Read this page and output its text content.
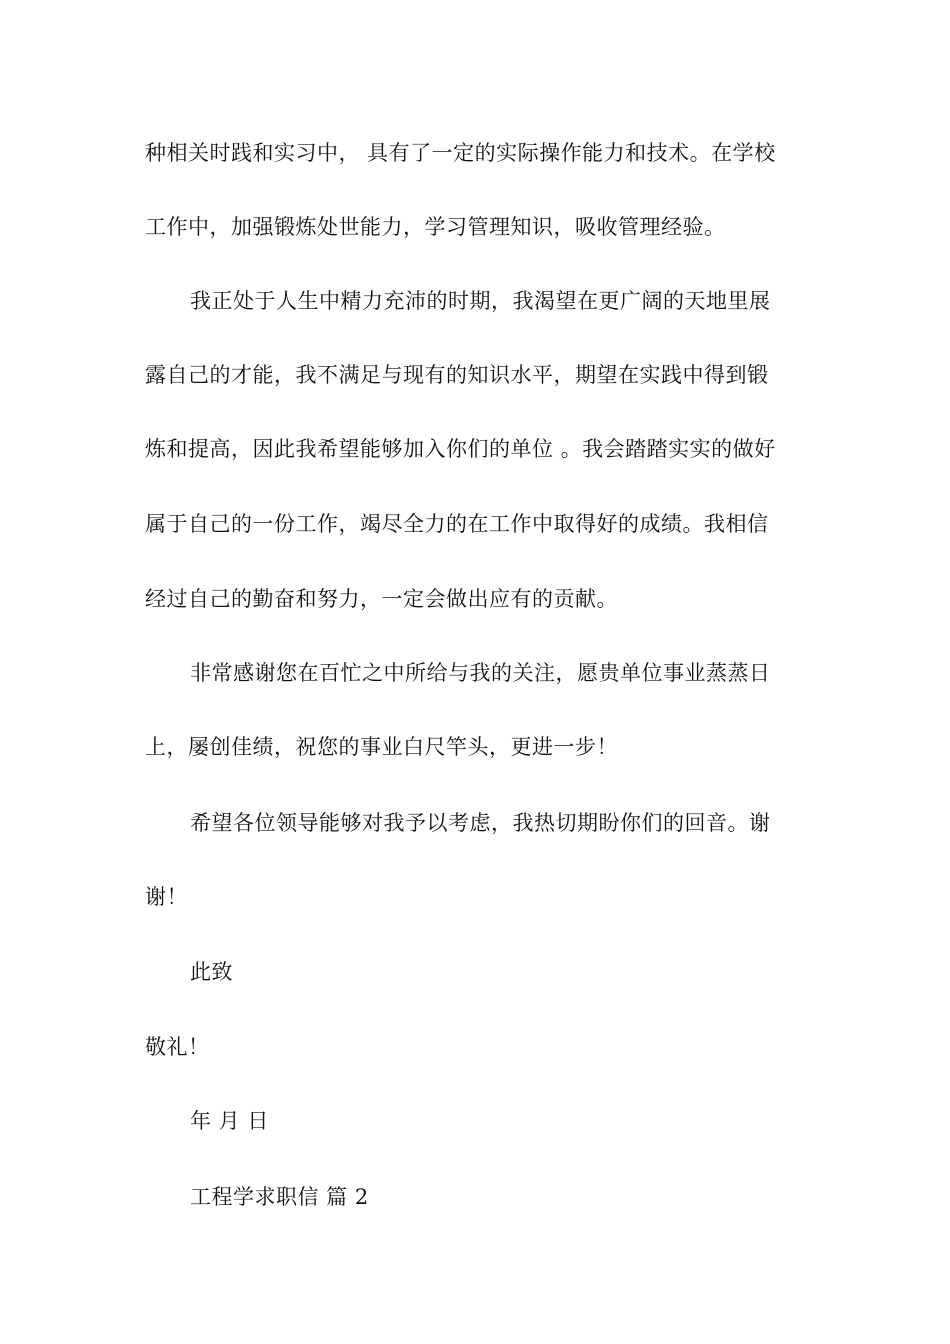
种相关时践和实习中， 具有了一定的实际操作能力和技术。在学校
工作中，加强锻炼处世能力，学习管理知识，吸收管理经验。
我正处于人生中精力充沛的时期，我渴望在更广阔的天地里展
露自己的才能，我不满足与现有的知识水平，期望在实践中得到锻
炼和提高，因此我希望能够加入你们的单位 。我会踏踏实实的做好
属于自己的一份工作，竭尽全力的在工作中取得好的成绩。我相信
经过自己的勤奋和努力，一定会做出应有的贡献。
非常感谢您在百忙之中所给与我的关注，愿贵单位事业蒸蒸日
上，屡创佳绩，祝您的事业白尺竿头，更进一步！
希望各位领导能够对我予以考虑，我热切期盼你们的回音。谢
谢！
此致
敬礼！
年 月 日
工程学求职信 篇 2
